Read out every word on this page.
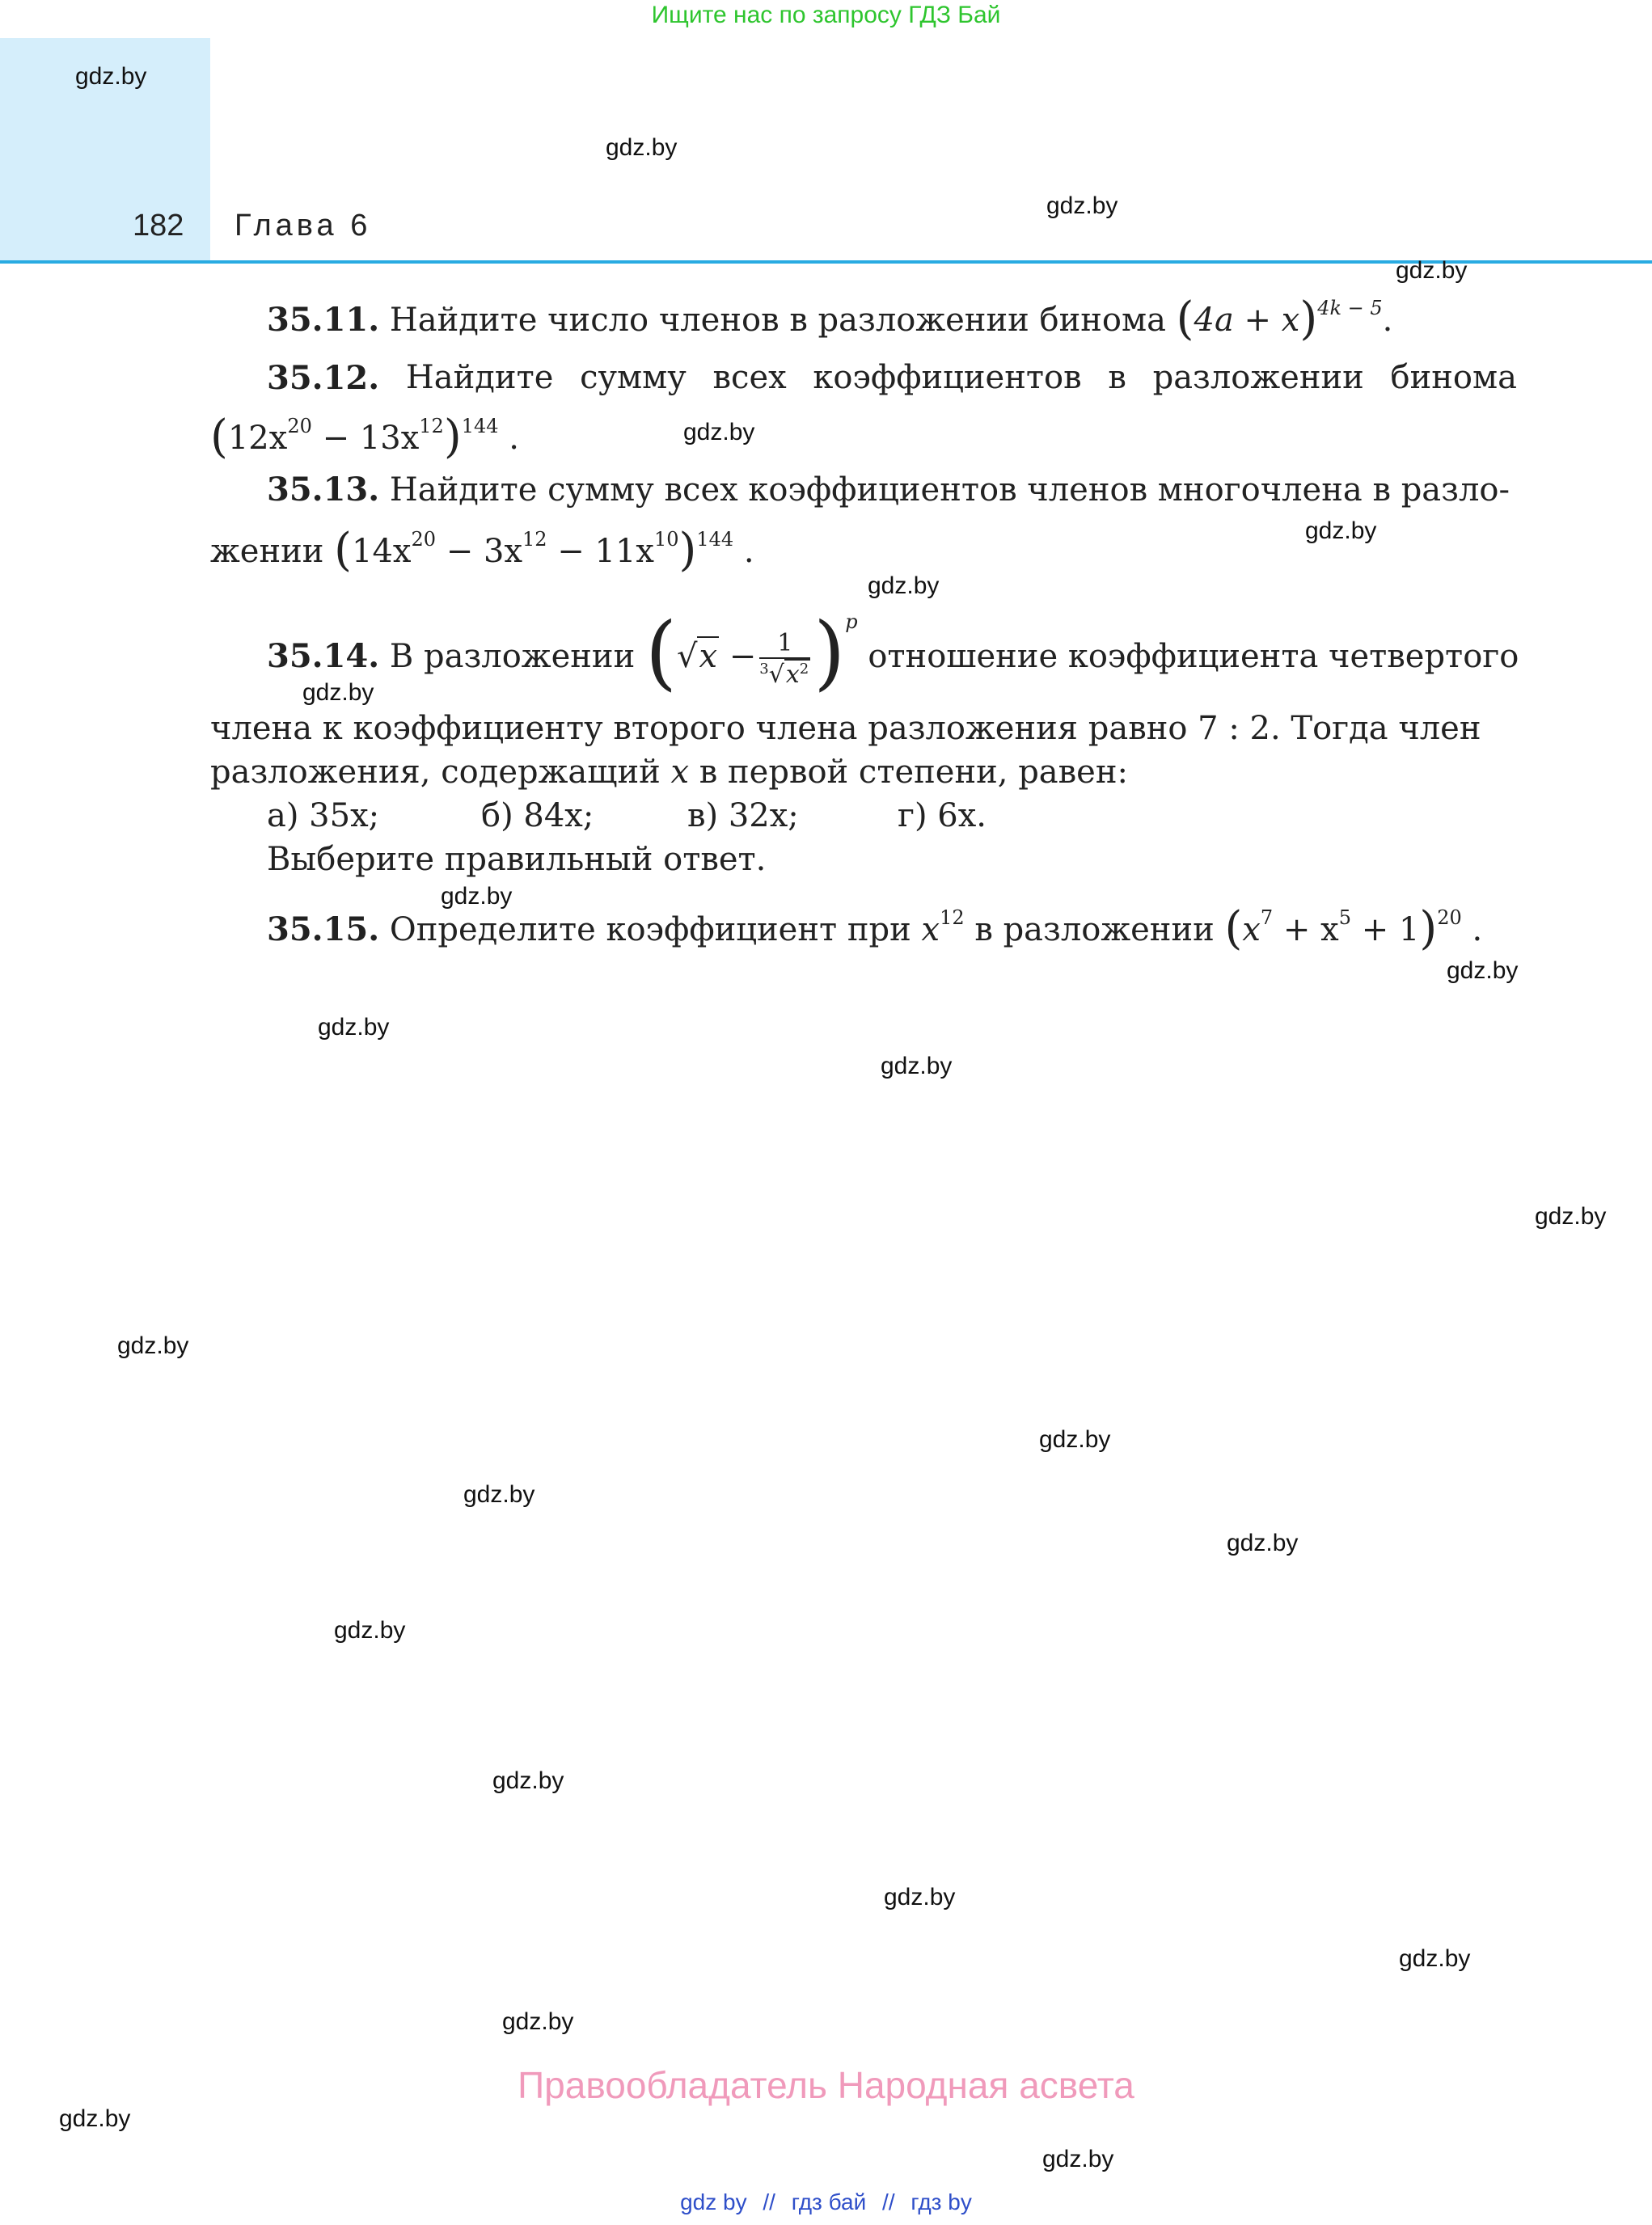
Ищите нас по запросу ГДЗ Бай
182 Глава 6
35.11. Найдите число членов в разложении бинома $(4a + x)^{4k - 5}$.
35.12. Найдите сумму всех коэффициентов в разложении бинома
$(12x^{20} - 13x^{12})^{144}$ .
35.13. Найдите сумму всех коэффициентов членов многочлена в разло-
жении $(14x^{20} - 3x^{12} - 11x^{10})^{144}$ .
35.14. В разложении $(√x - \frac{1}{^3√x^2} )^p$ отношение коэффициента четвертого
члена к коэффициенту второго члена разложения равно 7 : 2. Тогда член
разложения, содержащий x в первой степени, равен:
а) 35x;	б) 84x;	в) 32x;	г) 6x.
Выберите правильный ответ.
35.15. Определите коэффициент при $x^{12}$ в разложении $(x^7 + x^5 + 1)^{20}$ .
gdz.by
gdz.by
gdz.by
gdz.by
gdz.by
gdz.by
gdz.by
gdz.by
gdz.by
gdz.by
gdz.by
gdz.by
gdz.by
gdz.by
gdz.by
gdz.by
gdz.by
gdz.by
gdz.by
gdz.by
gdz.by
gdz.by
gdz.by
gdz.by
Правообладатель Народная асвета
gdz by // гдз бай // гдз by
